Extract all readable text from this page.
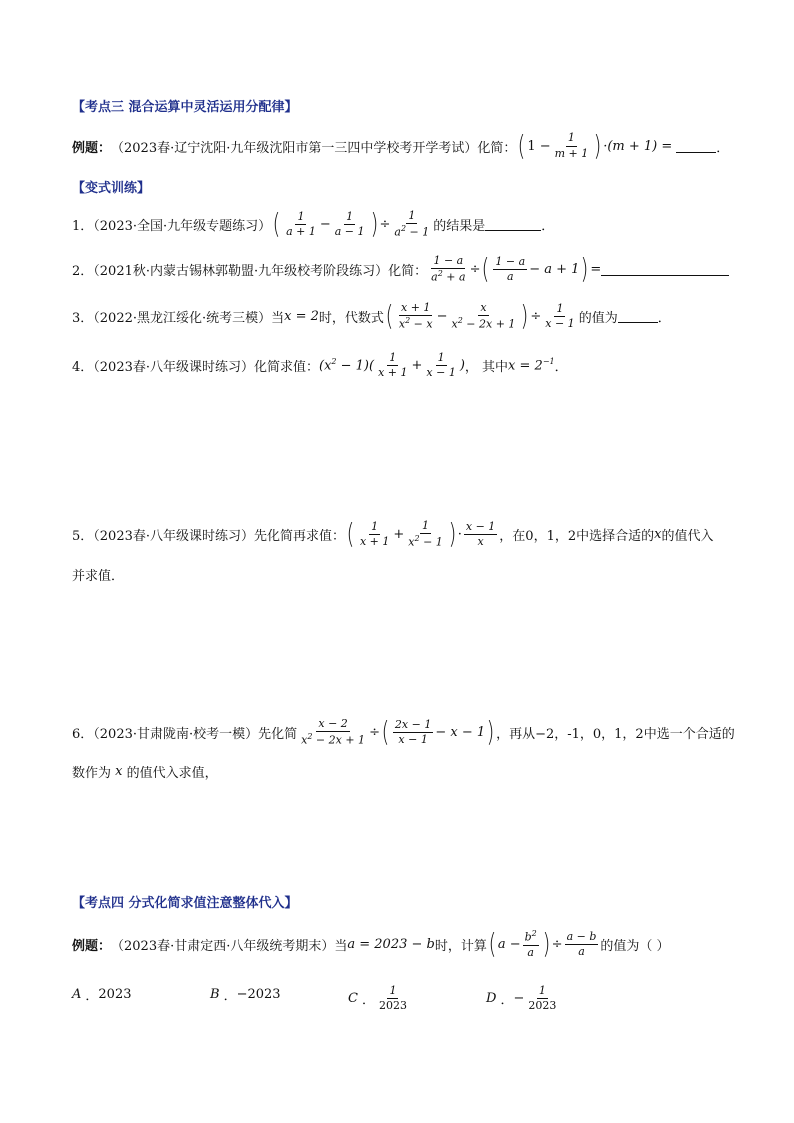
【考点三 混合运算中灵活运用分配律】
例题： （2023春·辽宁沈阳·九年级沈阳市第一三四中学校考开学考试）化简： ( $1 - \frac{1}{m + 1}$ ) ·(m + 1) =	．
【变式训练】
1．（2023·全国·九年级专题练习） ( $\frac{1}{a + 1} - \frac{1}{a - 1}$ ) ÷ $\frac{1}{a^2 - 1}$ 的结果是	．
2．（2021秋·内蒙古锡林郭勒盟·九年级校考阶段练习）化简： $\frac{1 - a}{a^2 + a}$ ÷ ( $\frac{1 - a}{a} - a + 1$ ) =
3．（2022·黑龙江绥化·统考三模）当 x = 2 时，代数式 ( $\frac{x + 1}{x^2 - x} - \frac{x}{x^2 - 2x + 1}$ ) ÷ $\frac{1}{x - 1}$ 的值为	．
4．（2023春·八年级课时练习）化简求值： $(x^2 - 1)( \frac{1}{x + 1} + \frac{1}{x - 1}$ ) ， 其中 $x = 2^{-1}$ ．
5．（2023春·八年级课时练习）先化简再求值： ( $\frac{1}{x + 1} + \frac{1}{x^2 - 1}$ ) · $\frac{x - 1}{x}$ ，在0，1，2中选择合适的 x 的值代入
并求值．
6．（2023·甘肃陇南·校考一模）先化简 $\frac{x - 2}{x^2 - 2x + 1}$ ÷ ( $\frac{2x - 1}{x - 1} - x - 1$ ) ，再从−2，-1，0，1，2中选一个合适的
数作为 x 的值代入求值，
【考点四 分式化简求值注意整体代入】
例题： （2023春·甘肃定西·八年级统考期末）当 a = 2023 − b 时，计算 ( $a - \frac{b^2}{a}$ ) ÷ $\frac{a - b}{a}$ 的值为（ ）
A ． 2023	B ． −2023	C ． $\frac{1}{2023}$	D ． − $\frac{1}{2023}$
